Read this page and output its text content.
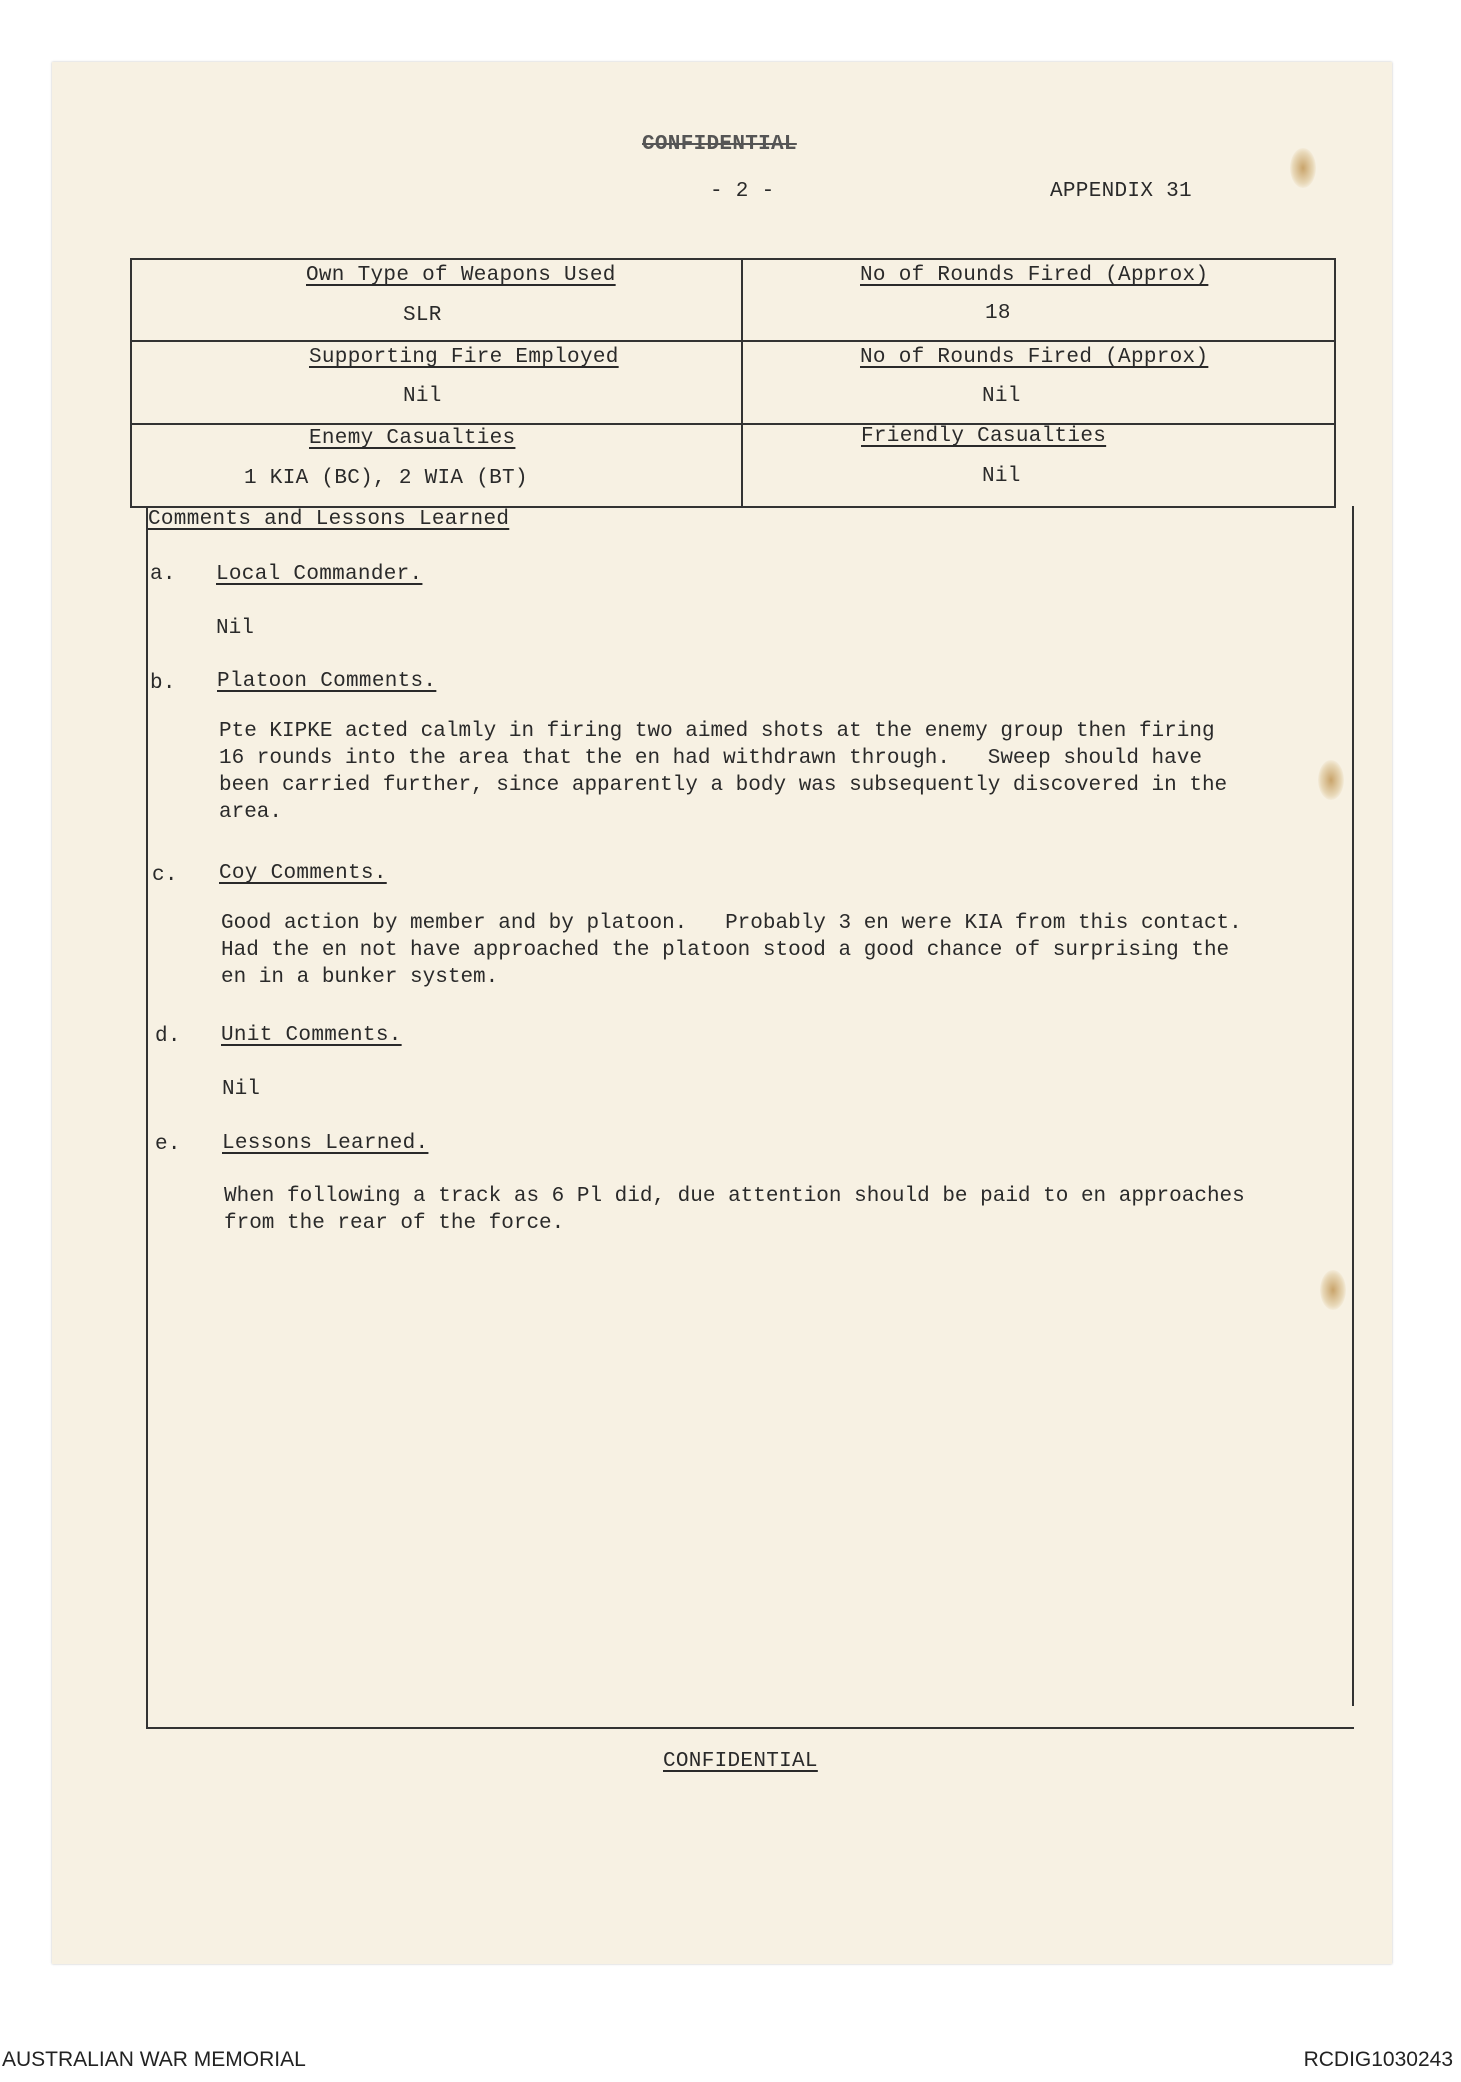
CONFIDENTIAL
- 2 -	APPENDIX 31
Own Type of Weapons Used
SLR
No of Rounds Fired (Approx)
18
Supporting Fire Employed
Nil
No of Rounds Fired (Approx)
Nil
Enemy Casualties
1 KIA (BC), 2 WIA (BT)
Friendly Casualties
Nil
Comments and Lessons Learned
a. Local Commander.
Nil
b. Platoon Comments.
Pte KIPKE acted calmly in firing two aimed shots at the enemy group then firing
16 rounds into the area that the en had withdrawn through.   Sweep should have
been carried further, since apparently a body was subsequently discovered in the
area.
c. Coy Comments.
Good action by member and by platoon.   Probably 3 en were KIA from this contact.
Had the en not have approached the platoon stood a good chance of surprising the
en in a bunker system.
d. Unit Comments.
Nil
e. Lessons Learned.
When following a track as 6 Pl did, due attention should be paid to en approaches
from the rear of the force.
CONFIDENTIAL
AUSTRALIAN WAR MEMORIAL	RCDIG1030243
